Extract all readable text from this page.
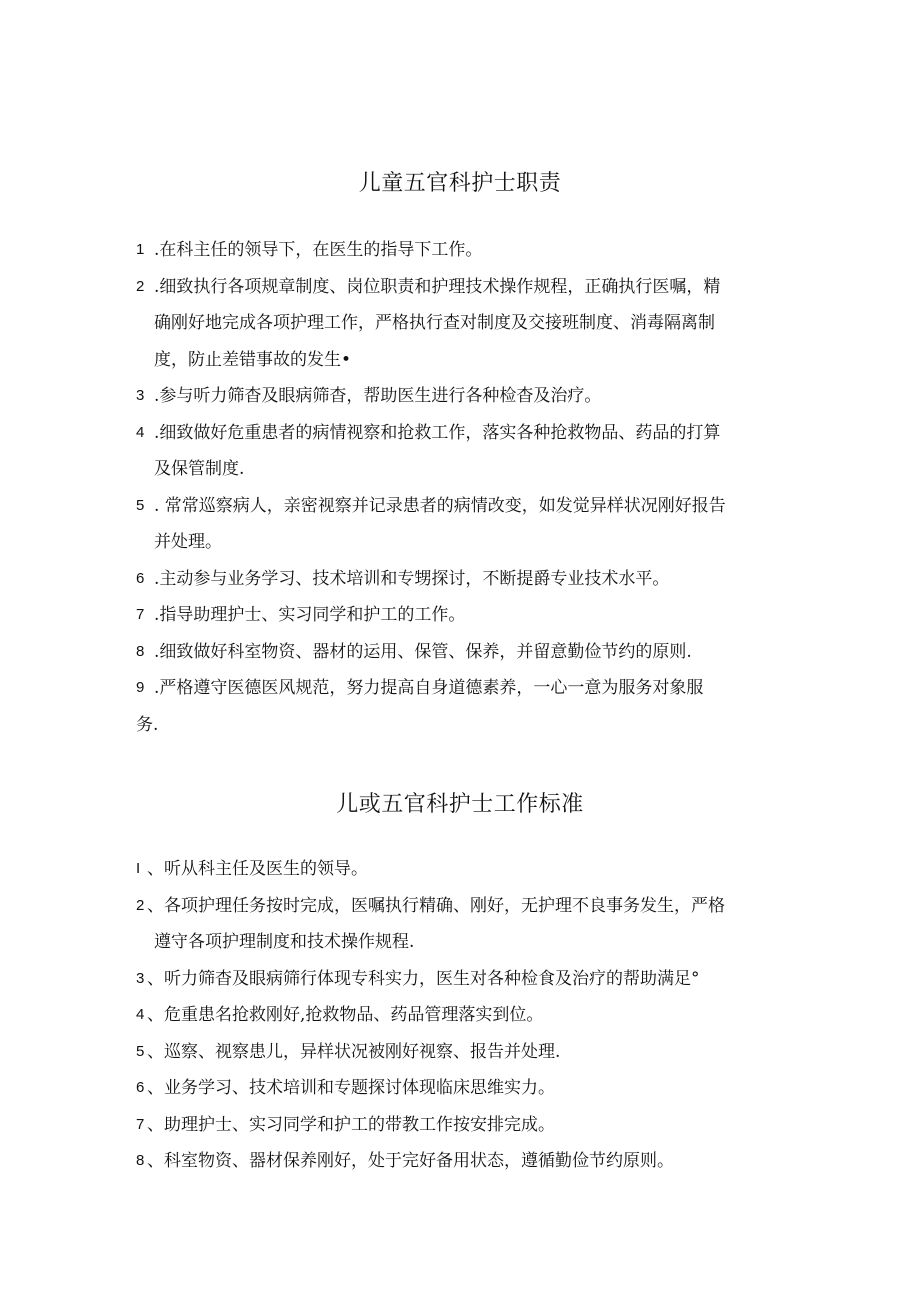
儿童五官科护士职责
1 .在科主任的领导下，在医生的指导下工作。
2 .细致执行各项规章制度、岗位职责和护理技术操作规程，正确执行医嘱，精
确刚好地完成各项护理工作，严格执行查对制度及交接班制度、消毒隔离制
度，防止差错事故的发生•
3 .参与听力筛杳及眼病筛杳，帮助医生进行各种检杳及治疗。
4 .细致做好危重患者的病情视察和抢救工作，落实各种抢救物品、药品的打算
及保管制度.
5 . 常常巡察病人，亲密视察并记录患者的病情改变，如发觉异样状况刚好报告
并处理。
6 .主动参与业务学习、技术培训和专甥探讨，不断提爵专业技术水平。
7 .指导助理护士、实习同学和护工的工作。
8 .细致做好科室物资、器材的运用、保管、保养，并留意勤俭节约的原则.
9 .严格遵守医德医风规范，努力提高自身道德素养，一心一意为服务对象服
务.
儿或五官科护士工作标准
I 、听从科主任及医生的领导。
2 、各项护理任务按时完成，医嘱执行精确、刚好，无护理不良事务发生，严格
遵守各项护理制度和技术操作规程.
3 、听力筛杳及眼病筛行体现专科实力，医生对各种检食及治疗的帮助满足°
4 、危重患名抢救刚好,抢救物品、药品管理落实到位。
5 、巡察、视察患儿，异样状况被刚好视察、报告并处理.
6 、业务学习、技术培训和专题探讨体现临床思维实力。
7 、助理护士、实习同学和护工的带教工作按安排完成。
8 、科室物资、器材保养刚好，处于完好备用状态，遵循勤俭节约原则。
